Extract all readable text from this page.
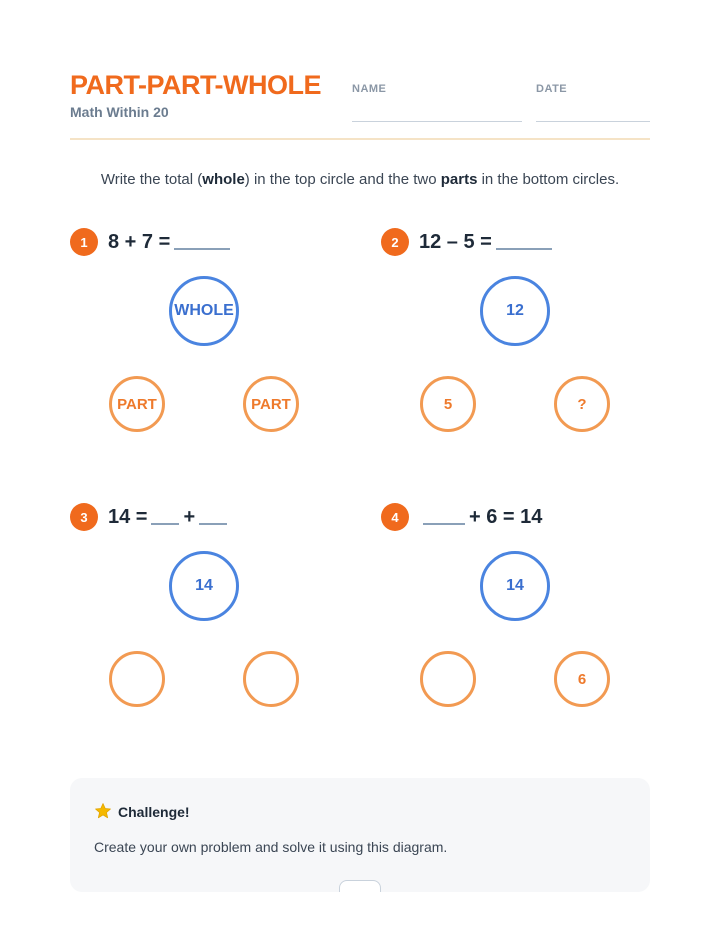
PART-PART-WHOLE
Math Within 20
NAME	DATE
Write the total (whole) in the top circle and the two parts in the bottom circles.
1	8 + 7 =
WHOLE
PART	PART
2	12 – 5 =
12
5	?
3	14 = +
14
4	+ 6 = 14
14
6
Challenge!
Create your own problem and solve it using this diagram.
